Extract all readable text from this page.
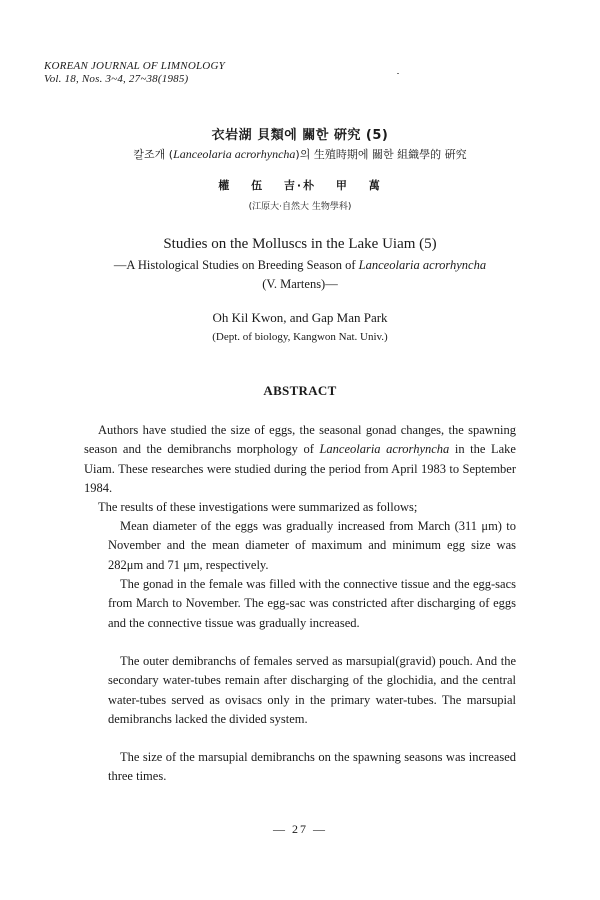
KOREAN JOURNAL OF LIMNOLOGY
Vol. 18, Nos. 3~4, 27~38(1985)
衣岩湖 貝類에 關한 硏究 (5)
칼조개 (Lanceolaria acrorhyncha)의 生殖時期에 關한 組織學的 硏究
權 伍 吉·朴 甲 萬
(江原大·自然大 生物學科)
Studies on the Molluscs in the Lake Uiam (5)
—A Histological Studies on Breeding Season of Lanceolaria acrorhyncha
(V. Martens)—
Oh Kil Kwon, and Gap Man Park
(Dept. of biology, Kangwon Nat. Univ.)
ABSTRACT
Authors have studied the size of eggs, the seasonal gonad changes, the spawning season and the demibranchs morphology of Lanceolaria acrorhyncha in the Lake Uiam. These researches were studied during the period from April 1983 to September 1984.
The results of these investigations were summarized as follows;
Mean diameter of the eggs was gradually increased from March (311 μm) to November and the mean diameter of maximum and minimum egg size was 282μm and 71 μm, respectively.
The gonad in the female was filled with the connective tissue and the egg-sacs from March to November. The egg-sac was constricted after discharging of eggs and the connective tissue was gradually increased.
The outer demibranchs of females served as marsupial(gravid) pouch. And the secondary water-tubes remain after discharging of the glochidia, and the central water-tubes served as ovisacs only in the primary water-tubes. The marsupial demibranchs lacked the divided system.
The size of the marsupial demibranchs on the spawning seasons was increased three times.
— 27 —
